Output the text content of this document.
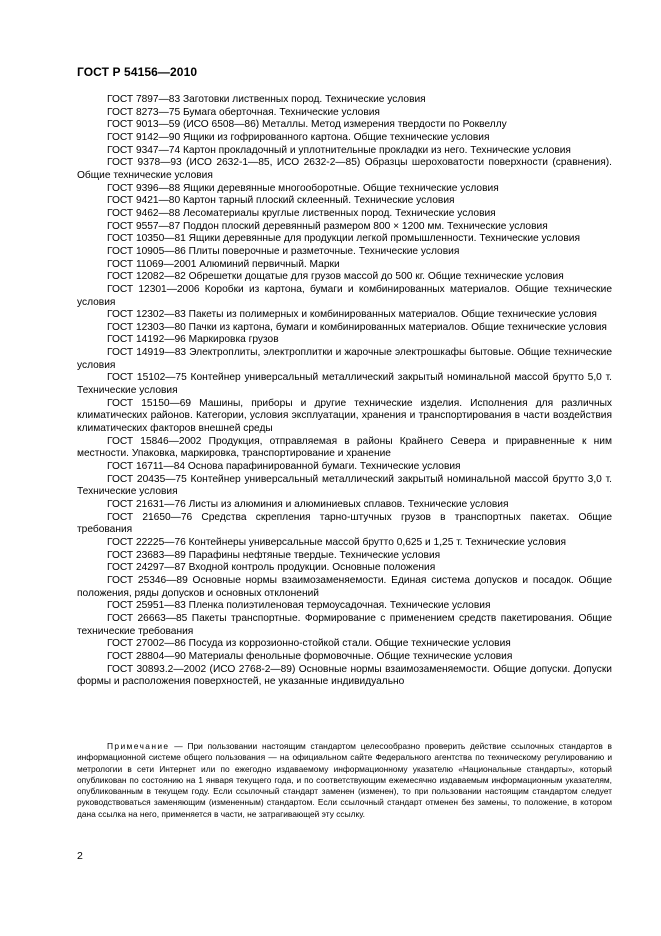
ГОСТ Р 54156—2010
ГОСТ 7897—83 Заготовки лиственных пород. Технические условия
ГОСТ 8273—75 Бумага оберточная. Технические условия
ГОСТ 9013—59 (ИСО 6508—86) Металлы. Метод измерения твердости по Роквеллу
ГОСТ 9142—90 Ящики из гофрированного картона. Общие технические условия
ГОСТ 9347—74 Картон прокладочный и уплотнительные прокладки из него. Технические условия
ГОСТ 9378—93 (ИСО 2632-1—85, ИСО 2632-2—85) Образцы шероховатости поверхности (сравнения). Общие технические условия
ГОСТ 9396—88 Ящики деревянные многооборотные. Общие технические условия
ГОСТ 9421—80 Картон тарный плоский склеенный. Технические условия
ГОСТ 9462—88 Лесоматериалы круглые лиственных пород. Технические условия
ГОСТ 9557—87 Поддон плоский деревянный размером 800 × 1200 мм. Технические условия
ГОСТ 10350—81 Ящики деревянные для продукции легкой промышленности. Технические условия
ГОСТ 10905—86 Плиты поверочные и разметочные. Технические условия
ГОСТ 11069—2001 Алюминий первичный. Марки
ГОСТ 12082—82 Обрешетки дощатые для грузов массой до 500 кг. Общие технические условия
ГОСТ 12301—2006 Коробки из картона, бумаги и комбинированных материалов. Общие технические условия
ГОСТ 12302—83 Пакеты из полимерных и комбинированных материалов. Общие технические условия
ГОСТ 12303—80 Пачки из картона, бумаги и комбинированных материалов. Общие технические условия
ГОСТ 14192—96 Маркировка грузов
ГОСТ 14919—83 Электроплиты, электроплитки и жарочные электрошкафы бытовые. Общие технические условия
ГОСТ 15102—75 Контейнер универсальный металлический закрытый номинальной массой брутто 5,0 т. Технические условия
ГОСТ 15150—69 Машины, приборы и другие технические изделия. Исполнения для различных климатических районов. Категории, условия эксплуатации, хранения и транспортирования в части воздействия климатических факторов внешней среды
ГОСТ 15846—2002 Продукция, отправляемая в районы Крайнего Севера и приравненные к ним местности. Упаковка, маркировка, транспортирование и хранение
ГОСТ 16711—84 Основа парафинированной бумаги. Технические условия
ГОСТ 20435—75 Контейнер универсальный металлический закрытый номинальной массой брутто 3,0 т. Технические условия
ГОСТ 21631—76 Листы из алюминия и алюминиевых сплавов. Технические условия
ГОСТ 21650—76 Средства скрепления тарно-штучных грузов в транспортных пакетах. Общие требования
ГОСТ 22225—76 Контейнеры универсальные массой брутто 0,625 и 1,25 т. Технические условия
ГОСТ 23683—89 Парафины нефтяные твердые. Технические условия
ГОСТ 24297—87 Входной контроль продукции. Основные положения
ГОСТ 25346—89 Основные нормы взаимозаменяемости. Единая система допусков и посадок. Общие положения, ряды допусков и основных отклонений
ГОСТ 25951—83 Пленка полиэтиленовая термоусадочная. Технические условия
ГОСТ 26663—85 Пакеты транспортные. Формирование с применением средств пакетирования. Общие технические требования
ГОСТ 27002—86 Посуда из коррозионно-стойкой стали. Общие технические условия
ГОСТ 28804—90 Материалы фенольные формовочные. Общие технические условия
ГОСТ 30893.2—2002 (ИСО 2768-2—89) Основные нормы взаимозаменяемости. Общие допуски. Допуски формы и расположения поверхностей, не указанные индивидуально
Примечание — При пользовании настоящим стандартом целесообразно проверить действие ссылочных стандартов в информационной системе общего пользования — на официальном сайте Федерального агентства по техническому регулированию и метрологии в сети Интернет или по ежегодно издаваемому информационному указателю «Национальные стандарты», который опубликован по состоянию на 1 января текущего года, и по соответствующим ежемесячно издаваемым информационным указателям, опубликованным в текущем году. Если ссылочный стандарт заменен (изменен), то при пользовании настоящим стандартом следует руководствоваться заменяющим (измененным) стандартом. Если ссылочный стандарт отменен без замены, то положение, в котором дана ссылка на него, применяется в части, не затрагивающей эту ссылку.
2
